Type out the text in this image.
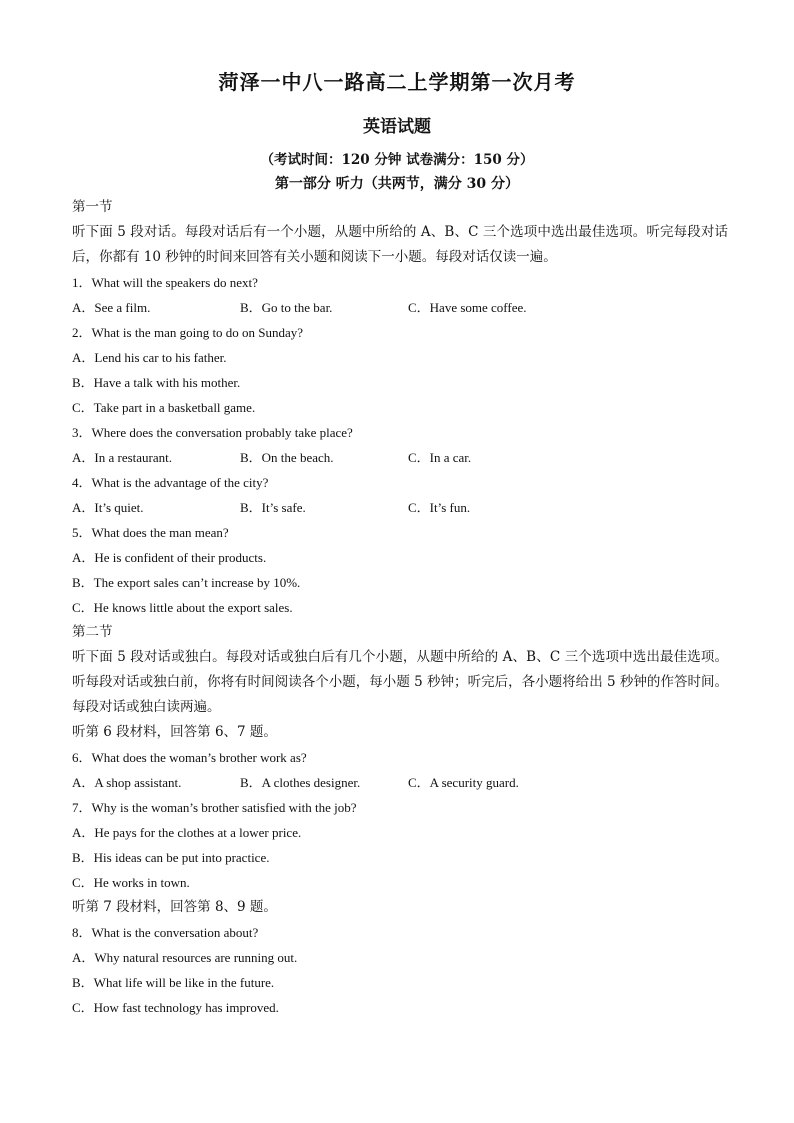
菏泽一中八一路高二上学期第一次月考
英语试题
（考试时间：120 分钟 试卷满分：150 分）
第一部分 听力（共两节，满分 30 分）
第一节
听下面 5 段对话。每段对话后有一个小题，从题中所给的 A、B、C 三个选项中选出最佳选项。听完每段对话后，你都有 10 秒钟的时间来回答有关小题和阅读下一小题。每段对话仅读一遍。
1．What will the speakers do next?
A．See a film.	B．Go to the bar.	C．Have some coffee.
2．What is the man going to do on Sunday?
A．Lend his car to his father.
B．Have a talk with his mother.
C．Take part in a basketball game.
3．Where does the conversation probably take place?
A．In a restaurant.	B．On the beach.	C．In a car.
4．What is the advantage of the city?
A．It’s quiet.	B．It’s safe.	C．It’s fun.
5．What does the man mean?
A．He is confident of their products.
B．The export sales can’t increase by 10%.
C．He knows little about the export sales.
第二节
听下面 5 段对话或独白。每段对话或独白后有几个小题，从题中所给的 A、B、C 三个选项中选出最佳选项。听每段对话或独白前，你将有时间阅读各个小题，每小题 5 秒钟；听完后，各小题将给出 5 秒钟的作答时间。每段对话或独白读两遍。
听第 6 段材料，回答第 6、7 题。
6．What does the woman’s brother work as?
A．A shop assistant.	B．A clothes designer.	C．A security guard.
7．Why is the woman’s brother satisfied with the job?
A．He pays for the clothes at a lower price.
B．His ideas can be put into practice.
C．He works in town.
听第 7 段材料，回答第 8、9 题。
8．What is the conversation about?
A．Why natural resources are running out.
B．What life will be like in the future.
C．How fast technology has improved.
